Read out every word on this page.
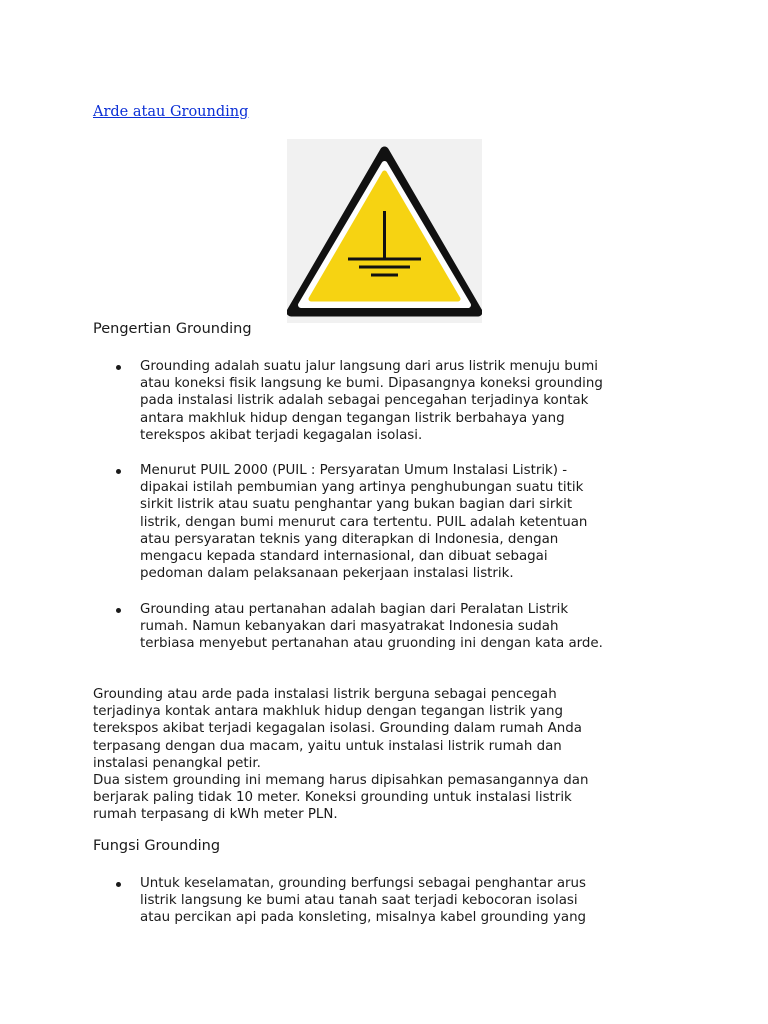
Arde atau Grounding
Pengertian Grounding
Grounding adalah suatu jalur langsung dari arus listrik menuju bumi
atau koneksi fisik langsung ke bumi. Dipasangnya koneksi grounding
pada instalasi listrik adalah sebagai pencegahan terjadinya kontak
antara makhluk hidup dengan tegangan listrik berbahaya yang
terekspos akibat terjadi kegagalan isolasi.
Menurut PUIL 2000 (PUIL : Persyaratan Umum Instalasi Listrik) -
dipakai istilah pembumian yang artinya penghubungan suatu titik
sirkit listrik atau suatu penghantar yang bukan bagian dari sirkit
listrik, dengan bumi menurut cara tertentu. PUIL adalah ketentuan
atau persyaratan teknis yang diterapkan di Indonesia, dengan
mengacu kepada standard internasional, dan dibuat sebagai
pedoman dalam pelaksanaan pekerjaan instalasi listrik.
Grounding atau pertanahan adalah bagian dari Peralatan Listrik
rumah. Namun kebanyakan dari masyatrakat Indonesia sudah
terbiasa menyebut pertanahan atau gruonding ini dengan kata arde.
Grounding atau arde pada instalasi listrik berguna sebagai pencegah
terjadinya kontak antara makhluk hidup dengan tegangan listrik yang
terekspos akibat terjadi kegagalan isolasi. Grounding dalam rumah Anda
terpasang dengan dua macam, yaitu untuk instalasi listrik rumah dan
instalasi penangkal petir.
Dua sistem grounding ini memang harus dipisahkan pemasangannya dan
berjarak paling tidak 10 meter. Koneksi grounding untuk instalasi listrik
rumah terpasang di kWh meter PLN.
Fungsi Grounding
Untuk keselamatan, grounding berfungsi sebagai penghantar arus
listrik langsung ke bumi atau tanah saat terjadi kebocoran isolasi
atau percikan api pada konsleting, misalnya kabel grounding yang
